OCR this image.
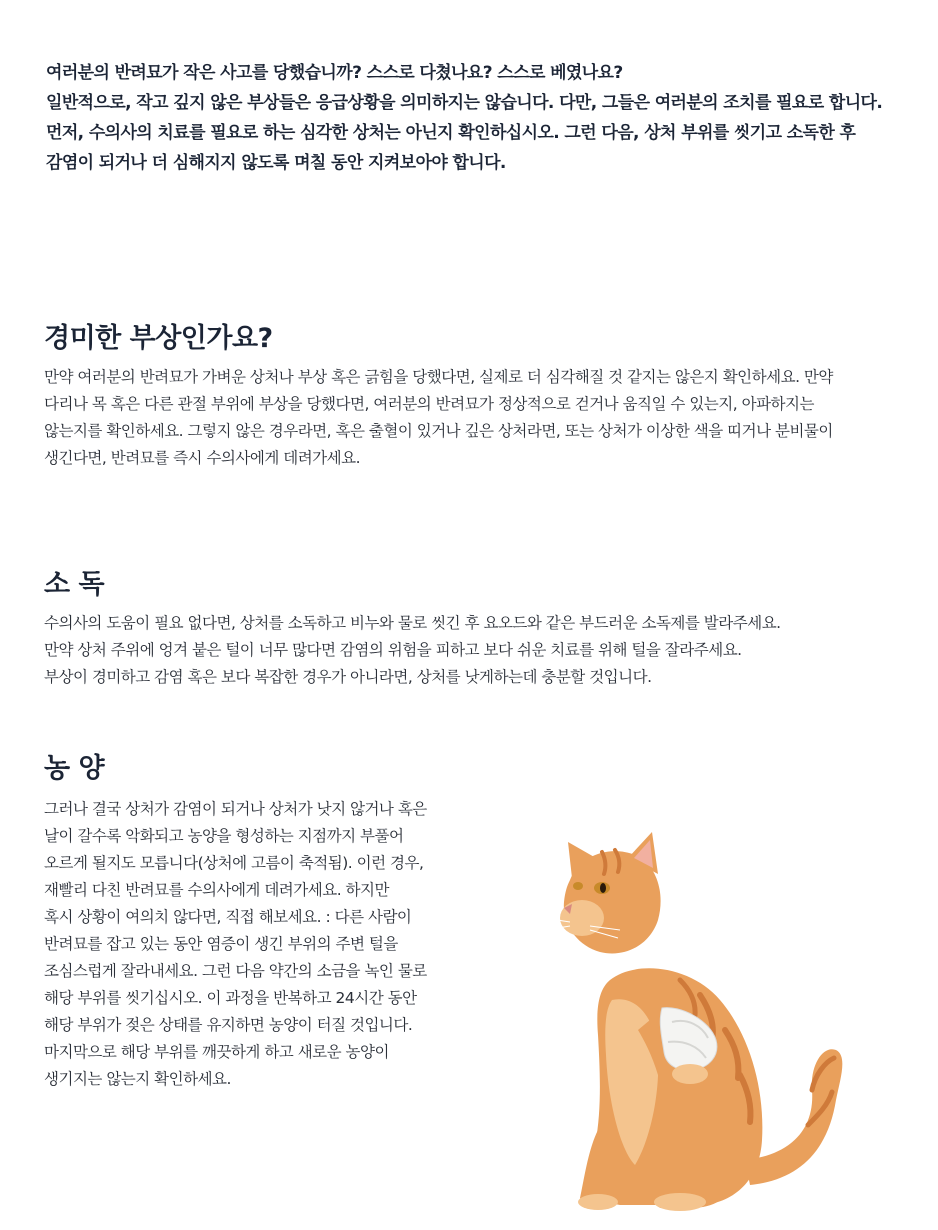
여러분의 반려묘가 작은 사고를 당했습니까? 스스로 다쳤나요? 스스로 베였나요?

일반적으로, 작고 깊지 않은 부상들은 응급상황을 의미하지는 않습니다. 다만, 그들은 여러분의 조치를 필요로 합니다.

먼저, 수의사의 치료를 필요로 하는 심각한 상처는 아닌지 확인하십시오. 그런 다음, 상처 부위를 씻기고 소독한 후

감염이 되거나 더 심해지지 않도록 며칠 동안 지켜보아야 합니다.

경미한 부상인가요?

만약 여러분의 반려묘가 가벼운 상처나 부상 혹은 긁힘을 당했다면, 실제로 더 심각해질 것 같지는 않은지 확인하세요. 만약

다리나 목 혹은 다른 관절 부위에 부상을 당했다면, 여러분의 반려묘가 정상적으로 걷거나 움직일 수 있는지, 아파하지는

않는지를 확인하세요. 그렇지 않은 경우라면, 혹은 출혈이 있거나 깊은 상처라면, 또는 상처가 이상한 색을 띠거나 분비물이

생긴다면, 반려묘를 즉시 수의사에게 데려가세요.

소 독

수의사의 도움이 필요 없다면, 상처를 소독하고 비누와 물로 씻긴 후 요오드와 같은 부드러운 소독제를 발라주세요.

만약 상처 주위에 엉겨 붙은 털이 너무 많다면 감염의 위험을 피하고 보다 쉬운 치료를 위해 털을 잘라주세요.

부상이 경미하고 감염 혹은 보다 복잡한 경우가 아니라면, 상처를 낫게하는데 충분할 것입니다.

농 양

그러나 결국 상처가 감염이 되거나 상처가 낫지 않거나 혹은

날이 갈수록 악화되고 농양을 형성하는 지점까지 부풀어

오르게 될지도 모릅니다(상처에 고름이 축적됨). 이런 경우,

재빨리 다친 반려묘를 수의사에게 데려가세요. 하지만

혹시 상황이 여의치 않다면, 직접 해보세요. : 다른 사람이

반려묘를 잡고 있는 동안 염증이 생긴 부위의 주변 털을

조심스럽게 잘라내세요. 그런 다음 약간의 소금을 녹인 물로

해당 부위를 씻기십시오. 이 과정을 반복하고 24시간 동안

해당 부위가 젖은 상태를 유지하면 농양이 터질 것입니다.

마지막으로 해당 부위를 깨끗하게 하고 새로운 농양이

생기지는 않는지 확인하세요.
